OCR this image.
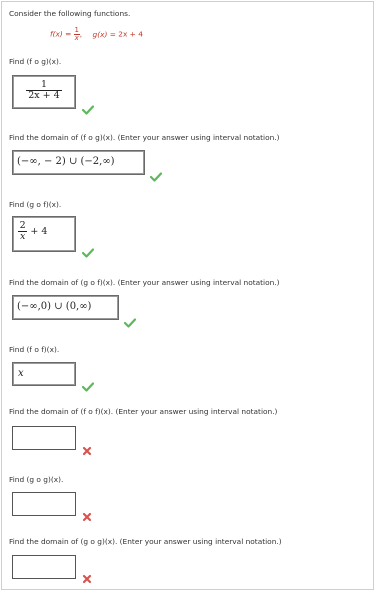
Consider the following functions.
$f(x) = \frac{1}{x}$ , g(x) = 2x + 4
Find (f o g)(x).
$\frac{1}{2x + 4}$
Find the domain of (f o g)(x). (Enter your answer using interval notation.)
(−∞, − 2) ∪ (−2,∞)
Find (g o f)(x).
$\frac{2}{x} + 4$
Find the domain of (g o f)(x). (Enter your answer using interval notation.)
(−∞,0) ∪ (0,∞)
Find (f o f)(x).
x
Find the domain of (f o f)(x). (Enter your answer using interval notation.)
Find (g o g)(x).
Find the domain of (g o g)(x). (Enter your answer using interval notation.)
